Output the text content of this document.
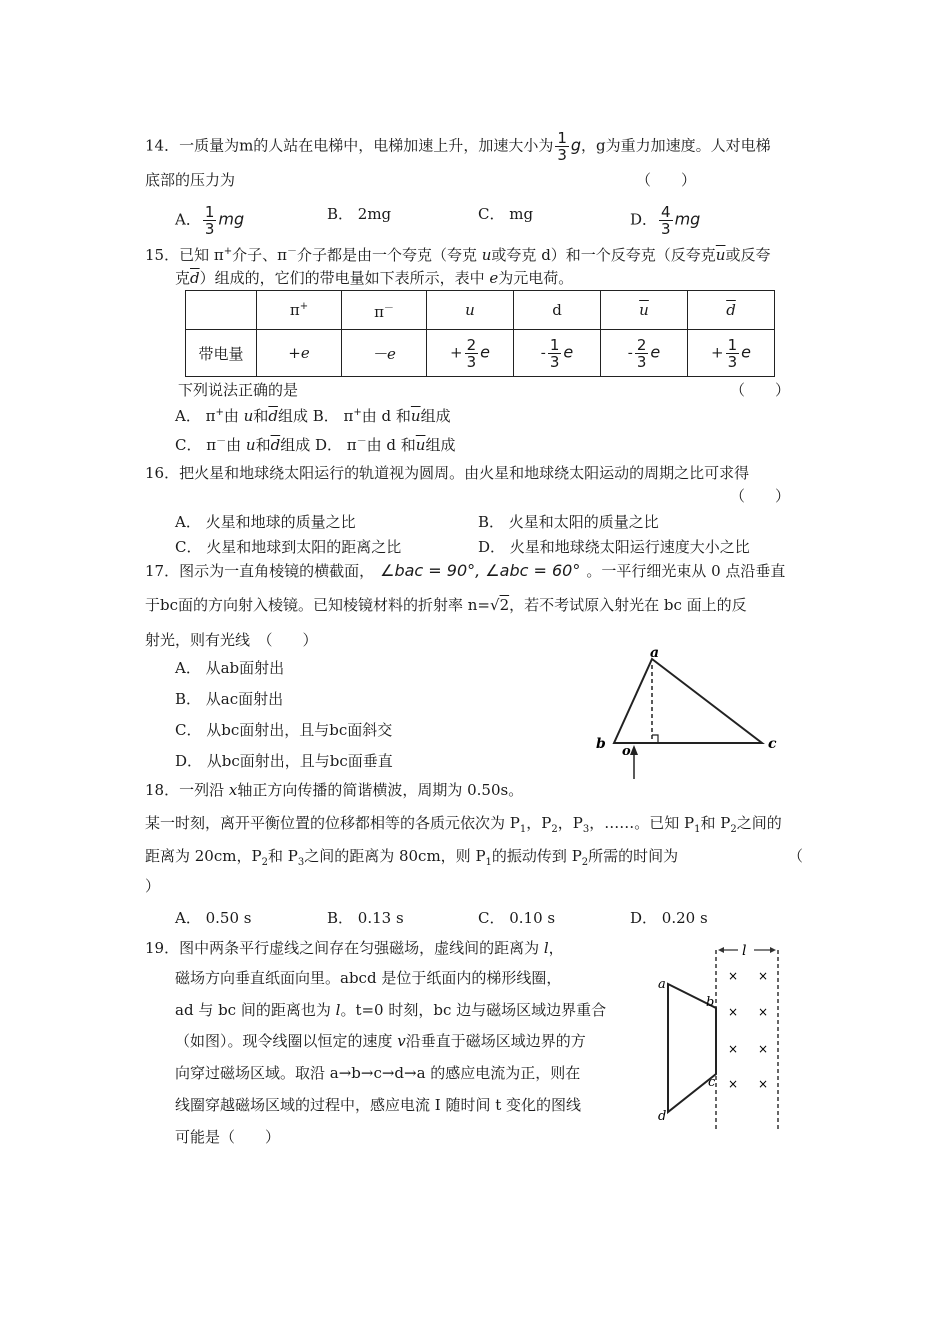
14．一质量为m的人站在电梯中，电梯加速上升，加速大小为 $\frac{1}{3}$ g，g为重力加速度。人对电梯
底部的压力为	（　　）
A． $\frac{1}{3}$ mg	B． 2mg	C． mg	D． $\frac{4}{3}$ mg
15．已知 π+介子、π－介子都是由一个夸克（夸克 u或夸克 d）和一个反夸克（反夸克$\overline{u}$或反夸
克$\overline{d}$）组成的，它们的带电量如下表所示，表中 e为元电荷。
	π+	π－	u	d	$\overline{u}$	$\overline{d}$
带电量	+e	－e	+ $\frac{2}{3}$ e	- $\frac{1}{3}$ e	- $\frac{2}{3}$ e	+ $\frac{1}{3}$ e
下列说法正确的是	（　　）
A． π+由 u和$\overline{d}$组成 B． π+由 d 和$\overline{u}$组成
C． π－由 u和$\overline{d}$组成 D． π－由 d 和$\overline{u}$组成
16．把火星和地球绕太阳运行的轨道视为圆周。由火星和地球绕太阳运动的周期之比可求得
（　　）
A． 火星和地球的质量之比	B． 火星和太阳的质量之比
C． 火星和地球到太阳的距离之比	D． 火星和地球绕太阳运行速度大小之比
17．图示为一直角棱镜的横截面， ∠bac = 90°, ∠abc = 60° 。一平行细光束从 0 点沿垂直
于bc面的方向射入棱镜。已知棱镜材料的折射率 n=√2，若不考试原入射光在 bc 面上的反
射光，则有光线　（　　）
A． 从ab面射出
B． 从ac面射出
C． 从bc面射出，且与bc面斜交
D． 从bc面射出，且与bc面垂直
a
b	c
o
18．一列沿 x轴正方向传播的简谐横波，周期为 0.50s。
某一时刻，离开平衡位置的位移都相等的各质元依次为 $P_1$，$P_2$，$P_3$，……。已知 $P_1$和 $P_2$之间的
距离为 20cm，$P_2$和 $P_3$之间的距离为 80cm，则 $P_1$的振动传到 $P_2$所需的时间为	（
）
A． 0.50 s	B． 0.13 s	C． 0.10 s	D． 0.20 s
19．图中两条平行虚线之间存在匀强磁场，虚线间的距离为 l，
磁场方向垂直纸面向里。abcd 是位于纸面内的梯形线圈，
ad 与 bc 间的距离也为 l。t=0 时刻，bc 边与磁场区域边界重合
（如图）。现令线圈以恒定的速度 v沿垂直于磁场区域边界的方
向穿过磁场区域。取沿 a→b→c→d→a 的感应电流为正，则在
线圈穿越磁场区域的过程中，感应电流 I 随时间 t 变化的图线
可能是（　　）
l
× ×
× ×
× ×
× ×
a
b
c
d
